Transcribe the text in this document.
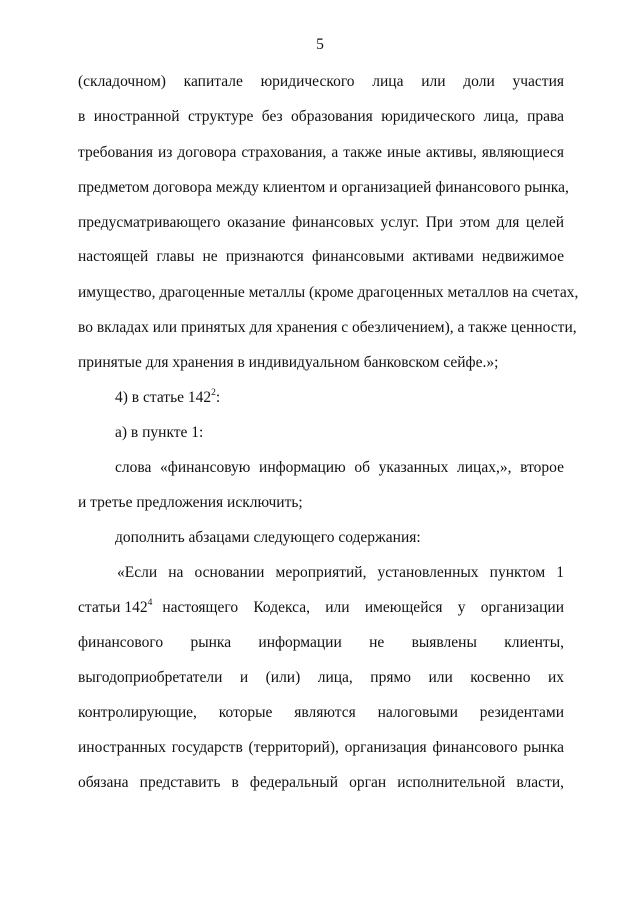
5
(складочном) капитале юридического лица или доли участия
в иностранной структуре без образования юридического лица, права
требования из договора страхования, а также иные активы, являющиеся
предметом договора между клиентом и организацией финансового рынка,
предусматривающего оказание финансовых услуг. При этом для целей
настоящей главы не признаются финансовыми активами недвижимое
имущество, драгоценные металлы (кроме драгоценных металлов на счетах,
во вкладах или принятых для хранения с обезличением), а также ценности,
принятые для хранения в индивидуальном банковском сейфе.»;
4) в статье $142^2$:
а) в пункте 1:
слова «финансовую информацию об указанных лицах,», второе
и третье предложения исключить;
дополнить абзацами следующего содержания:
«Если на основании мероприятий, установленных пунктом 1
статьи $142^4$ настоящего Кодекса, или имеющейся у организации
финансового рынка информации не выявлены клиенты,
выгодоприобретатели и (или) лица, прямо или косвенно их
контролирующие, которые являются налоговыми резидентами
иностранных государств (территорий), организация финансового рынка
обязана представить в федеральный орган исполнительной власти,
